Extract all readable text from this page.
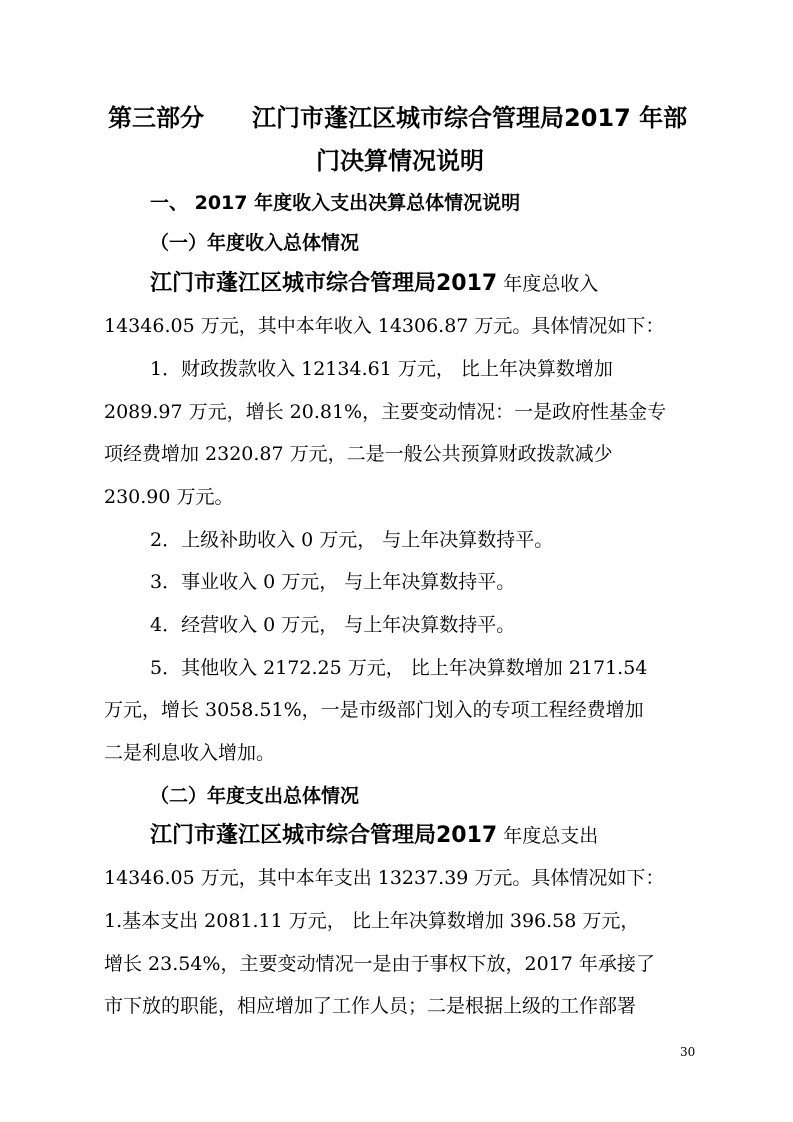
第三部分 江门市蓬江区城市综合管理局2017 年部
门决算情况说明
一、 2017 年度收入支出决算总体情况说明
（一）年度收入总体情况
江门市蓬江区城市综合管理局2017 年度总收入
14346.05 万元，其中本年收入 14306.87 万元。具体情况如下：
1．财政拨款收入 12134.61 万元， 比上年决算数增加
2089.97 万元，增长 20.81%，主要变动情况：一是政府性基金专
项经费增加 2320.87 万元，二是一般公共预算财政拨款减少
230.90 万元。
2．上级补助收入 0 万元， 与上年决算数持平。
3．事业收入 0 万元， 与上年决算数持平。
4．经营收入 0 万元， 与上年决算数持平。
5．其他收入 2172.25 万元， 比上年决算数增加 2171.54
万元，增长 3058.51%，一是市级部门划入的专项工程经费增加
二是利息收入增加。
（二）年度支出总体情况
江门市蓬江区城市综合管理局2017 年度总支出
14346.05 万元，其中本年支出 13237.39 万元。具体情况如下：
1.基本支出 2081.11 万元， 比上年决算数增加 396.58 万元，
增长 23.54%，主要变动情况一是由于事权下放，2017 年承接了
市下放的职能，相应增加了工作人员；二是根据上级的工作部署
30
